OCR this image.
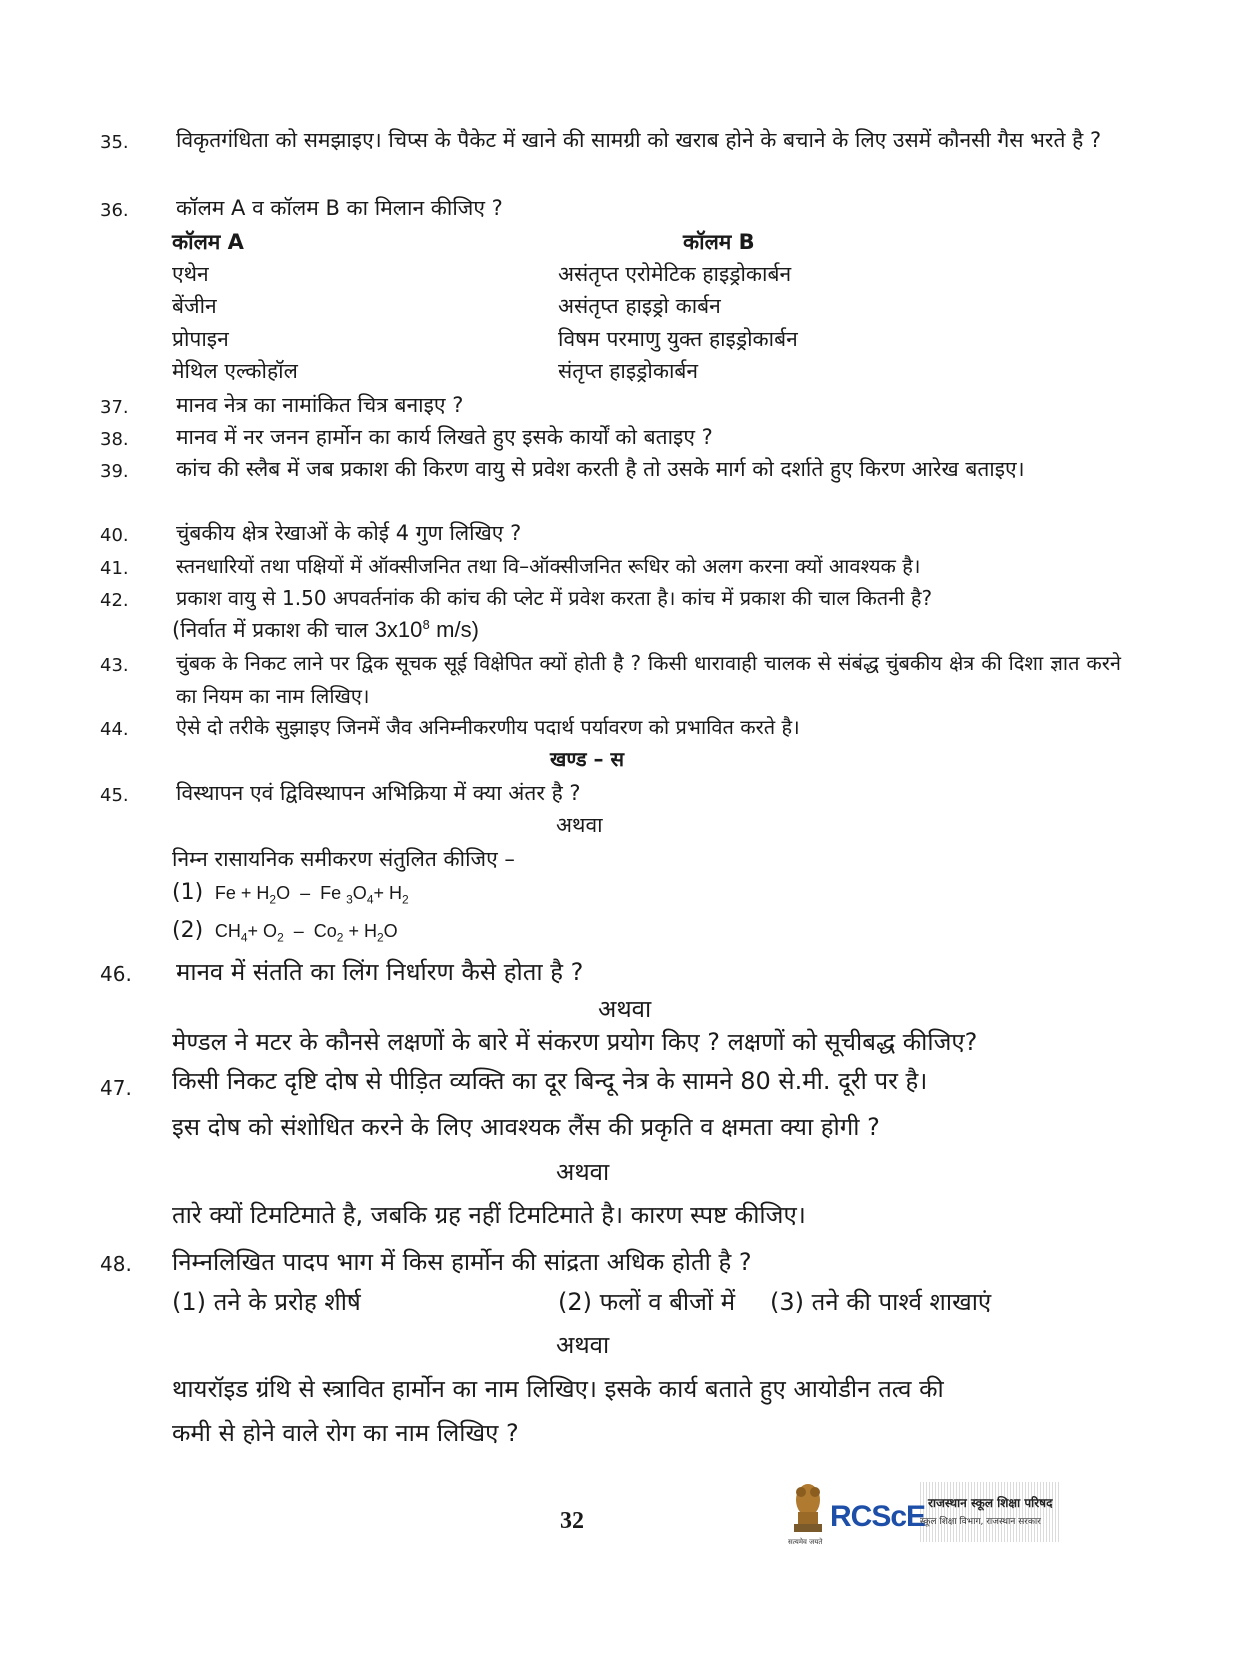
35. विकृतगंधिता को समझाइए। चिप्स के पैकेट में खाने की सामग्री को खराब होने के बचाने के लिए उसमें कौनसी गैस भरते है ?
36. कॉलम A व कॉलम B का मिलान कीजिए ?
कॉलम A	कॉलम B
एथेन
बेंजीन
प्रोपाइन
मेथिल एल्कोहॉल
असंतृप्त एरोमेटिक हाइड्रोकार्बन
असंतृप्त हाइड्रो कार्बन
विषम परमाणु युक्त हाइड्रोकार्बन
संतृप्त हाइड्रोकार्बन
37. मानव नेत्र का नामांकित चित्र बनाइए ?
38. मानव में नर जनन हार्मोन का कार्य लिखते हुए इसके कार्यों को बताइए ?
39. कांच की स्लैब में जब प्रकाश की किरण वायु से प्रवेश करती है तो उसके मार्ग को दर्शाते हुए किरण आरेख बताइए।
40. चुंबकीय क्षेत्र रेखाओं के कोई 4 गुण लिखिए ?
41. स्तनधारियों तथा पक्षियों में ऑक्सीजनित तथा वि–ऑक्सीजनित रूधिर को अलग करना क्यों आवश्यक है।
42. प्रकाश वायु से 1.50 अपवर्तनांक की कांच की प्लेट में प्रवेश करता है। कांच में प्रकाश की चाल कितनी है?
(निर्वात में प्रकाश की चाल $3x10^8$ m/s)
43. चुंबक के निकट लाने पर द्विक सूचक सूई विक्षेपित क्यों होती है ? किसी धारावाही चालक से संबंद्ध चुंबकीय क्षेत्र की दिशा ज्ञात करने का नियम का नाम लिखिए।
44. ऐसे दो तरीके सुझाइए जिनमें जैव अनिम्नीकरणीय पदार्थ पर्यावरण को प्रभावित करते है।
खण्ड – स
45. विस्थापन एवं द्विविस्थापन अभिक्रिया में क्या अंतर है ?
अथवा
निम्न रासायनिक समीकरण संतुलित कीजिए –
(1)  $Fe + H_2O - Fe$ $_3O_4+ H_2$
(2)  $CH_4+ O_2 - Co_2 + H_2O$
46. मानव में संतति का लिंग निर्धारण कैसे होता है ?
अथवा
मेण्डल ने मटर के कौनसे लक्षणों के बारे में संकरण प्रयोग किए ? लक्षणों को सूचीबद्ध कीजिए?
47. किसी निकट दृष्टि दोष से पीड़ित व्यक्ति का दूर बिन्दू नेत्र के सामने 80 से.मी. दूरी पर है।
इस दोष को संशोधित करने के लिए आवश्यक लैंस की प्रकृति व क्षमता क्या होगी ?
अथवा
तारे क्यों टिमटिमाते है, जबकि ग्रह नहीं टिमटिमाते है। कारण स्पष्ट कीजिए।
48. निम्नलिखित पादप भाग में किस हार्मोन की सांद्रता अधिक होती है ?
(1) तने के प्ररोह शीर्ष	(2) फलों व बीजों में (3) तने की पार्श्व शाखाएं
अथवा
थायरॉइड ग्रंथि से स्त्रावित हार्मोन का नाम लिखिए। इसके कार्य बताते हुए आयोडीन तत्व की
कमी से होने वाले रोग का नाम लिखिए ?
32
सत्यमेव जयते
RCScE राजस्थान स्कूल शिक्षा परिषद
स्कूल शिक्षा विभाग, राजस्थान सरकार
